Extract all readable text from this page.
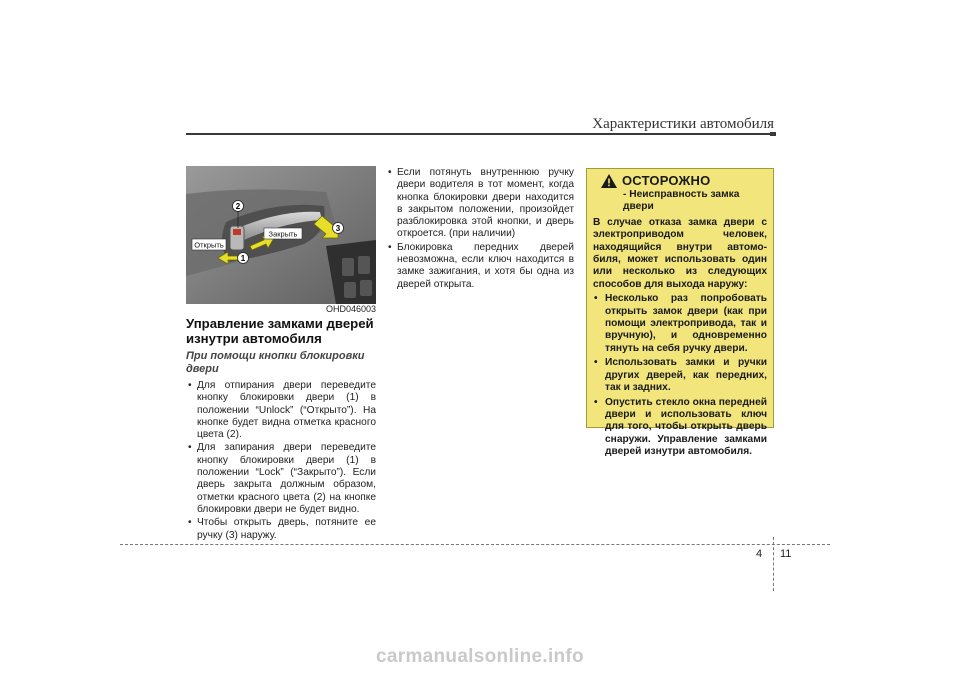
Характеристики автомобиля
Открыть
Закрыть
1
2
3
OHD046003
Управление замками дверей изнутри автомобиля
При помощи кнопки блокировки двери
• Для отпирания двери переведите кнопку блокировки двери (1) в положении “Unlock” (“Открыто”). На кнопке будет видна отметка красного цвета (2).
• Для запирания двери переведите кнопку блокировки двери (1) в положении “Lock” (“Закрыто”). Если дверь закрыта должным образом, отметки красного цвета (2) на кнопке блокировки двери не будет видно.
• Чтобы открыть дверь, потяните ее ручку (3) наружу.
• Если потянуть внутреннюю ручку двери водителя в тот момент, когда кнопка блокировки двери находится в закрытом положении, произойдет разблокировка этой кнопки, и дверь откроется. (при наличии)
• Блокировка передних дверей невозможна, если ключ находится в замке зажигания, и хотя бы одна из дверей открыта.
ОСТОРОЖНО
- Неисправность замка двери
В случае отказа замка двери с электроприводом человек, находящийся внутри автомо- биля, может использовать один или несколько из следующих способов для выхода наружу:
• Несколько раз попробовать открыть замок двери (как при помощи электропривода, так и вручную), и одновременно тянуть на себя ручку двери.
• Использовать замки и ручки других дверей, как передних, так и задних.
• Опустить стекло окна передней двери и использовать ключ для того, чтобы открыть дверь снаружи. Управление замками дверей изнутри автомобиля.
4 11
carmanualsonline.info
